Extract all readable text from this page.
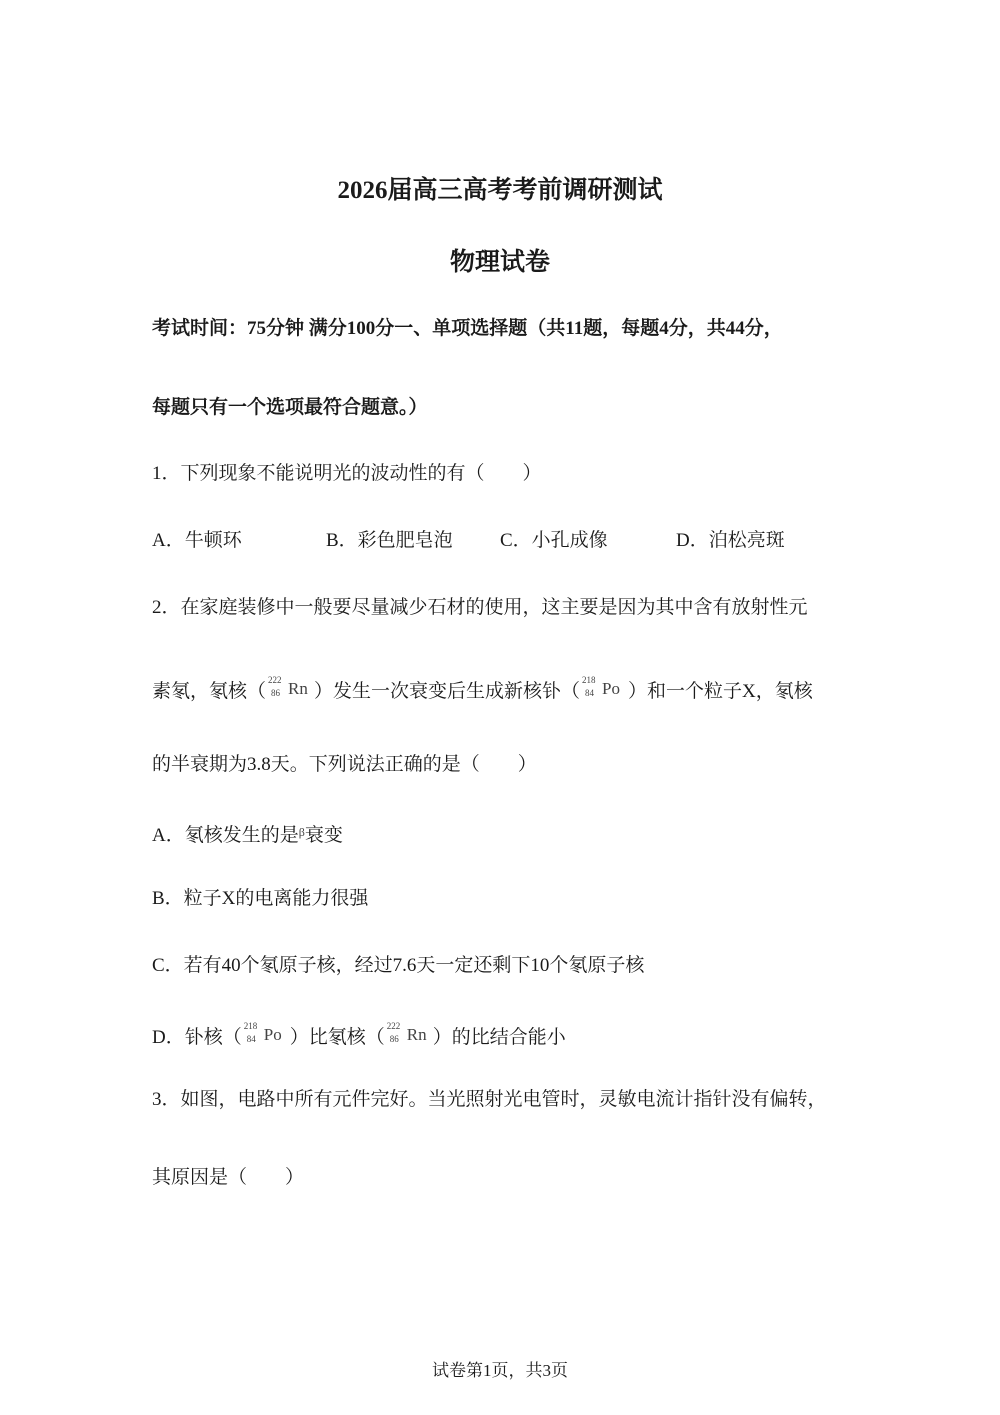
2026届高三高考考前调研测试
物理试卷
考试时间：75分钟 满分100分一、单项选择题（共11题，每题4分，共44分，
每题只有一个选项最符合题意。）
1．下列现象不能说明光的波动性的有（　　）
A．牛顿环	B．彩色肥皂泡 C．小孔成像	D．泊松亮斑
2．在家庭装修中一般要尽量减少石材的使用，这主要是因为其中含有放射性元
素氡，氡核（
222
86 Rn ）发生一次衰变后生成新核钋（
218
84 Po ）和一个粒子X，氡核
的半衰期为3.8天。下列说法正确的是（　　）
A．氡核发生的是$^\beta$衰变
B．粒子X的电离能力很强
C．若有40个氡原子核，经过7.6天一定还剩下10个氡原子核
D．钋核（
218
84 Po ）比氡核（
222
86 Rn ）的比结合能小
3．如图，电路中所有元件完好。当光照射光电管时，灵敏电流计指针没有偏转，
其原因是（　　）
试卷第1页，共3页
